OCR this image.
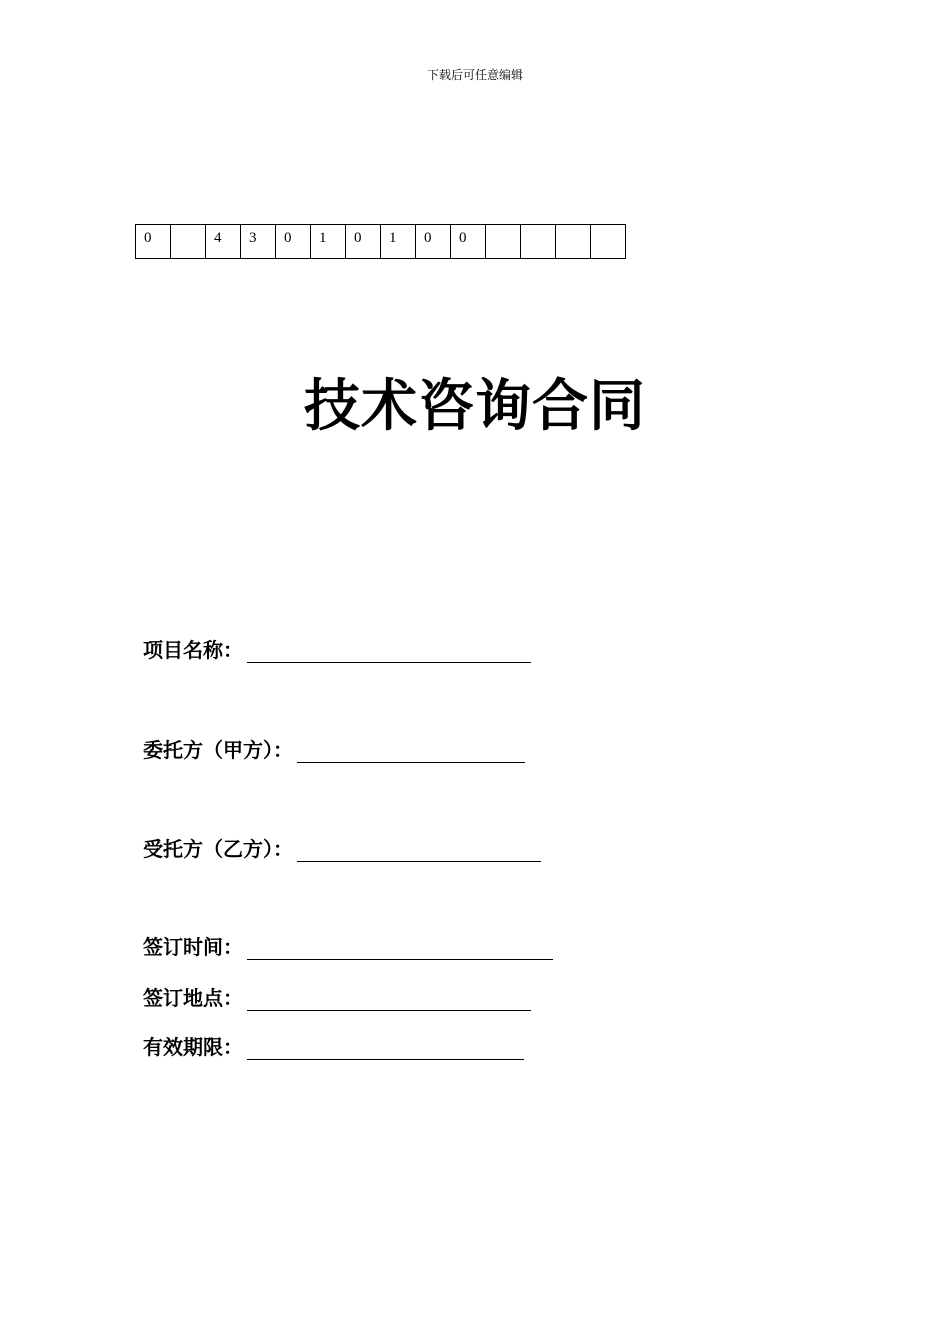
下载后可任意编辑
0		4	3	0	1	0	1	0	0				
技术咨询合同
项目名称：
委托方（甲方）：
受托方（乙方）：
签订时间：
签订地点：
有效期限：
